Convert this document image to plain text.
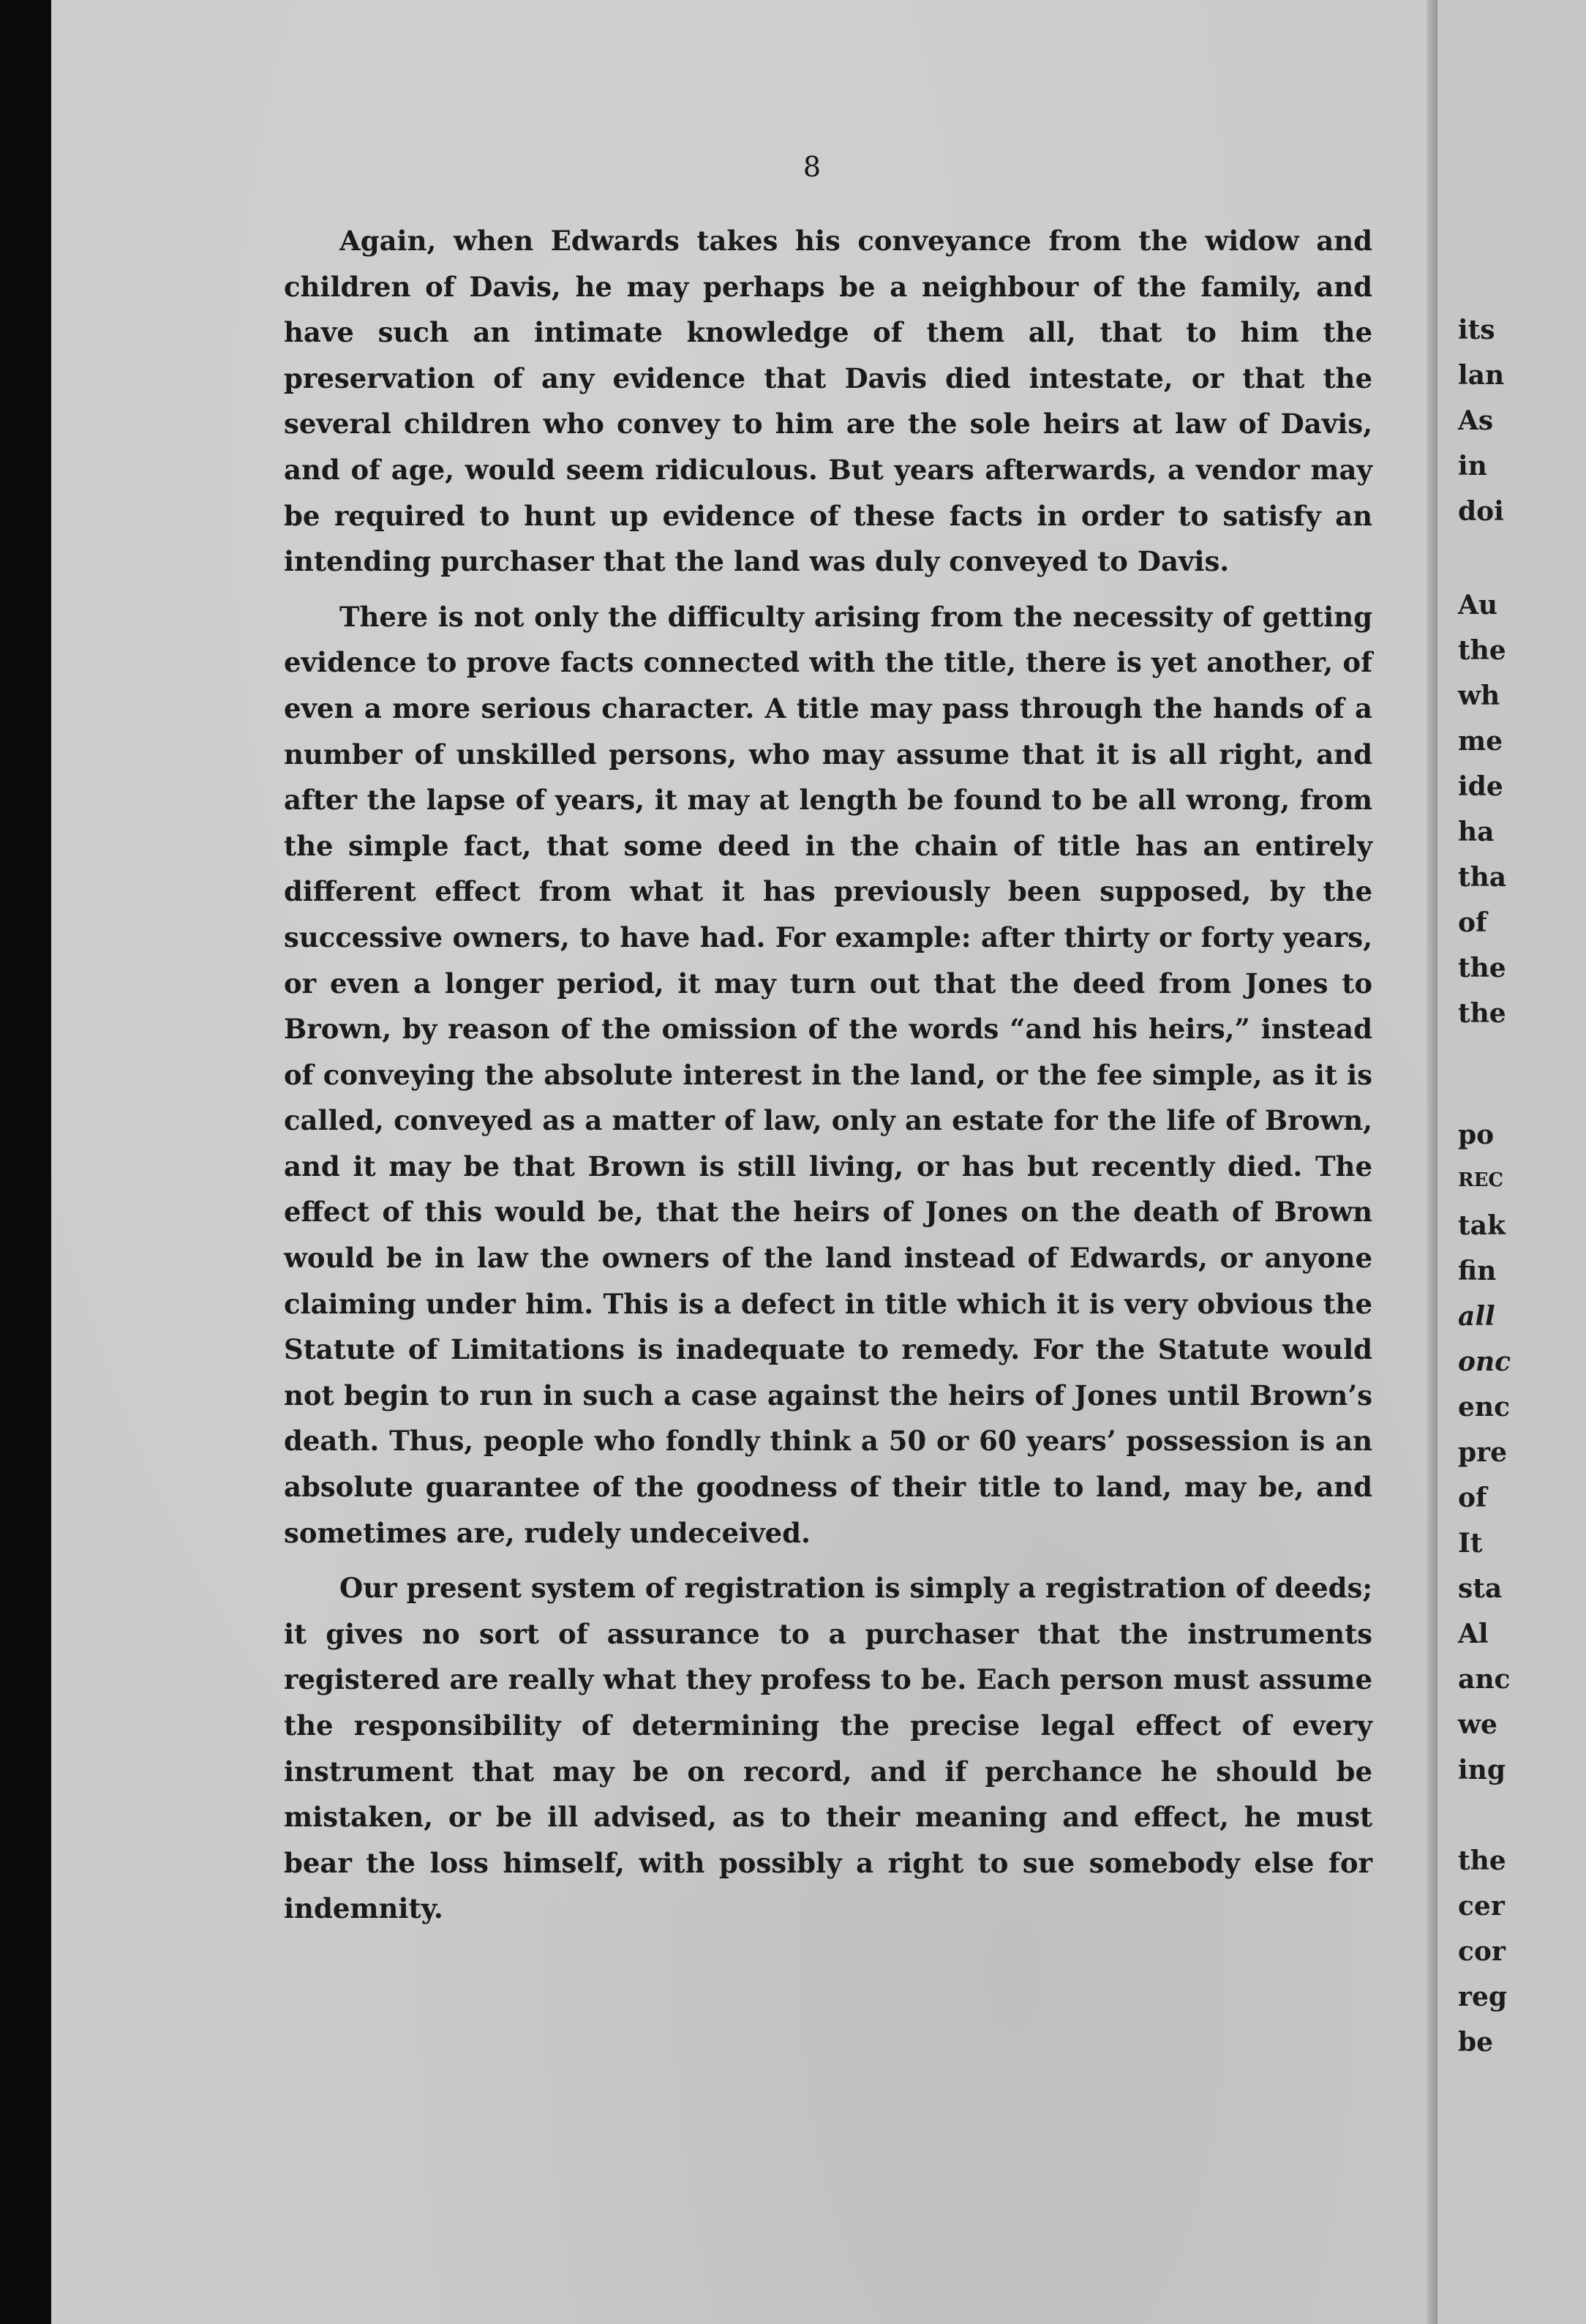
8

Again, when Edwards takes his conveyance from the widow and children of Davis, he may perhaps be a neighbour of the family, and have such an intimate knowledge of them all, that to him the preservation of any evidence that Davis died intestate, or that the several children who convey to him are the sole heirs at law of Davis, and of age, would seem ridiculous. But years afterwards, a vendor may be required to hunt up evidence of these facts in order to satisfy an intending purchaser that the land was duly conveyed to Davis.

There is not only the difficulty arising from the necessity of getting evidence to prove facts connected with the title, there is yet another, of even a more serious character. A title may pass through the hands of a number of unskilled persons, who may assume that it is all right, and after the lapse of years, it may at length be found to be all wrong, from the simple fact, that some deed in the chain of title has an entirely different effect from what it has previously been supposed, by the successive owners, to have had. For example: after thirty or forty years, or even a longer period, it may turn out that the deed from Jones to Brown, by reason of the omission of the words “and his heirs,” instead of conveying the absolute interest in the land, or the fee simple, as it is called, conveyed as a matter of law, only an estate for the life of Brown, and it may be that Brown is still living, or has but recently died. The effect of this would be, that the heirs of Jones on the death of Brown would be in law the owners of the land instead of Edwards, or anyone claiming under him. This is a defect in title which it is very obvious the Statute of Limitations is inadequate to remedy. For the Statute would not begin to run in such a case against the heirs of Jones until Brown’s death. Thus, people who fondly think a 50 or 60 years’ possession is an absolute guarantee of the goodness of their title to land, may be, and sometimes are, rudely undeceived.

Our present system of registration is simply a registration of deeds; it gives no sort of assurance to a purchaser that the instruments registered are really what they profess to be. Each person must assume the responsibility of determining the precise legal effect of every instrument that may be on record, and if perchance he should be mistaken, or be ill advised, as to their meaning and effect, he must bear the loss himself, with possibly a right to sue somebody else for indemnity.

its
lan
As
in
doi
Au
the
wh
me
ide
ha
tha
of
the
the
po
REC
tak
fin
all
onc
enc
pre
of
It
sta
Al
anc
we
ing
the
cer
cor
reg
be
